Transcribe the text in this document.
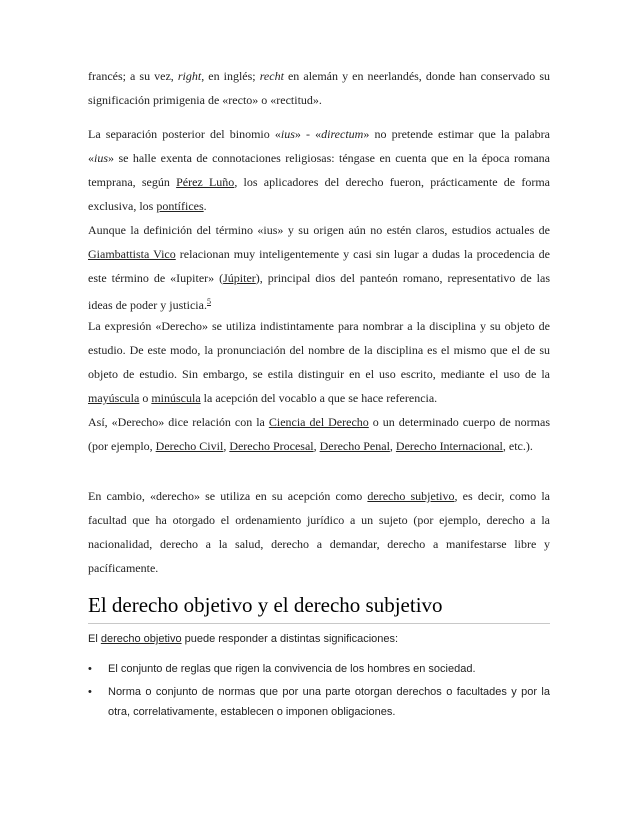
francés; a su vez, right, en inglés; recht en alemán y en neerlandés, donde han conservado su significación primigenia de «recto» o «rectitud».

La separación posterior del binomio «ius» - «directum» no pretende estimar que la palabra «ius» se halle exenta de connotaciones religiosas: téngase en cuenta que en la época romana temprana, según Pérez Luño, los aplicadores del derecho fueron, prácticamente de forma exclusiva, los pontífices.

Aunque la definición del término «ius» y su origen aún no estén claros, estudios actuales de Giambattista Vico relacionan muy inteligentemente y casi sin lugar a dudas la procedencia de este término de «Iupiter» (Júpiter), principal dios del panteón romano, representativo de las ideas de poder y justicia.$^5$

La expresión «Derecho» se utiliza indistintamente para nombrar a la disciplina y su objeto de estudio. De este modo, la pronunciación del nombre de la disciplina es el mismo que el de su objeto de estudio. Sin embargo, se estila distinguir en el uso escrito, mediante el uso de la mayúscula o minúscula la acepción del vocablo a que se hace referencia.

Así, «Derecho» dice relación con la Ciencia del Derecho o un determinado cuerpo de normas (por ejemplo, Derecho Civil, Derecho Procesal, Derecho Penal, Derecho Internacional, etc.).

En cambio, «derecho» se utiliza en su acepción como derecho subjetivo, es decir, como la facultad que ha otorgado el ordenamiento jurídico a un sujeto (por ejemplo, derecho a la nacionalidad, derecho a la salud, derecho a demandar, derecho a manifestarse libre y pacíficamente.

El derecho objetivo y el derecho subjetivo

El derecho objetivo puede responder a distintas significaciones:

• El conjunto de reglas que rigen la convivencia de los hombres en sociedad.
• Norma o conjunto de normas que por una parte otorgan derechos o facultades y por la otra, correlativamente, establecen o imponen obligaciones.
